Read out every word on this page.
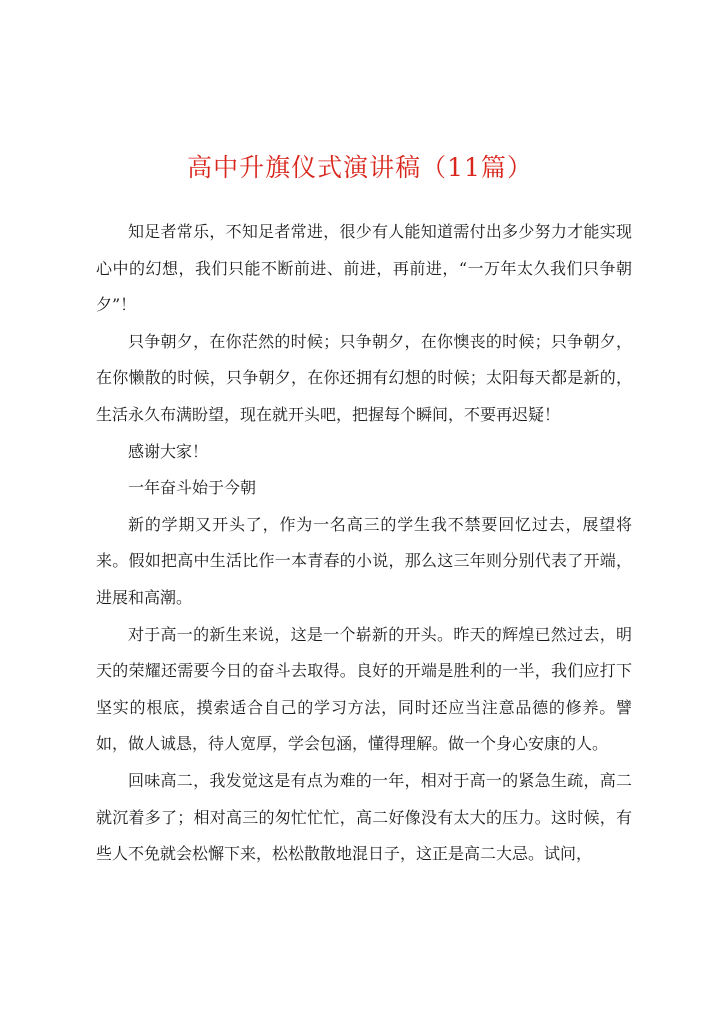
高中升旗仪式演讲稿（11篇）

知足者常乐，不知足者常进，很少有人能知道需付出多少努力才能实现心中的幻想，我们只能不断前进、前进，再前进，“一万年太久我们只争朝夕”！

只争朝夕，在你茫然的时候；只争朝夕，在你懊丧的时候；只争朝夕，在你懒散的时候，只争朝夕，在你还拥有幻想的时候；太阳每天都是新的，生活永久布满盼望，现在就开头吧，把握每个瞬间，不要再迟疑！

感谢大家！

一年奋斗始于今朝

新的学期又开头了，作为一名高三的学生我不禁要回忆过去，展望将来。假如把高中生活比作一本青春的小说，那么这三年则分别代表了开端，进展和高潮。

对于高一的新生来说，这是一个崭新的开头。昨天的辉煌已然过去，明天的荣耀还需要今日的奋斗去取得。良好的开端是胜利的一半，我们应打下坚实的根底，摸索适合自己的学习方法，同时还应当注意品德的修养。譬如，做人诚恳，待人宽厚，学会包涵，懂得理解。做一个身心安康的人。

回味高二，我发觉这是有点为难的一年，相对于高一的紧急生疏，高二就沉着多了；相对高三的匆忙忙忙，高二好像没有太大的压力。这时候，有些人不免就会松懈下来，松松散散地混日子，这正是高二大忌。试问，
